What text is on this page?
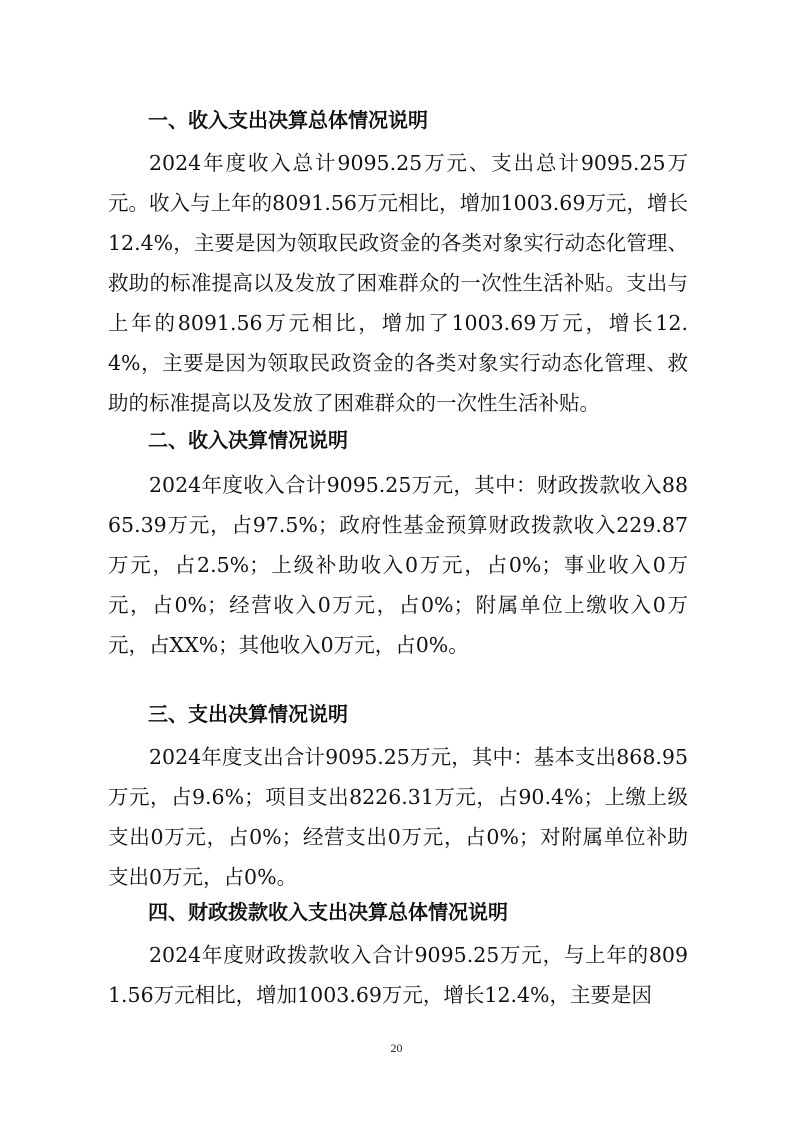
一、收入支出决算总体情况说明
2024年度收入总计9095.25万元、支出总计9095.25万元。收入与上年的8091.56万元相比，增加1003.69万元，增长12.4%，主要是因为领取民政资金的各类对象实行动态化管理、救助的标准提高以及发放了困难群众的一次性生活补贴。支出与上年的8091.56万元相比，增加了1003.69万元，增长12.4%，主要是因为领取民政资金的各类对象实行动态化管理、救助的标准提高以及发放了困难群众的一次性生活补贴。
二、收入决算情况说明
2024年度收入合计9095.25万元，其中：财政拨款收入8865.39万元，占97.5%；政府性基金预算财政拨款收入229.87万元，占2.5%；上级补助收入0万元，占0%；事业收入0万元，占0%；经营收入0万元，占0%；附属单位上缴收入0万元，占XX%；其他收入0万元，占0%。
三、支出决算情况说明
2024年度支出合计9095.25万元，其中：基本支出868.95万元，占9.6%；项目支出8226.31万元，占90.4%；上缴上级支出0万元，占0%；经营支出0万元，占0%；对附属单位补助支出0万元，占0%。
四、财政拨款收入支出决算总体情况说明
2024年度财政拨款收入合计9095.25万元，与上年的8091.56万元相比，增加1003.69万元，增长12.4%，主要是因
20
